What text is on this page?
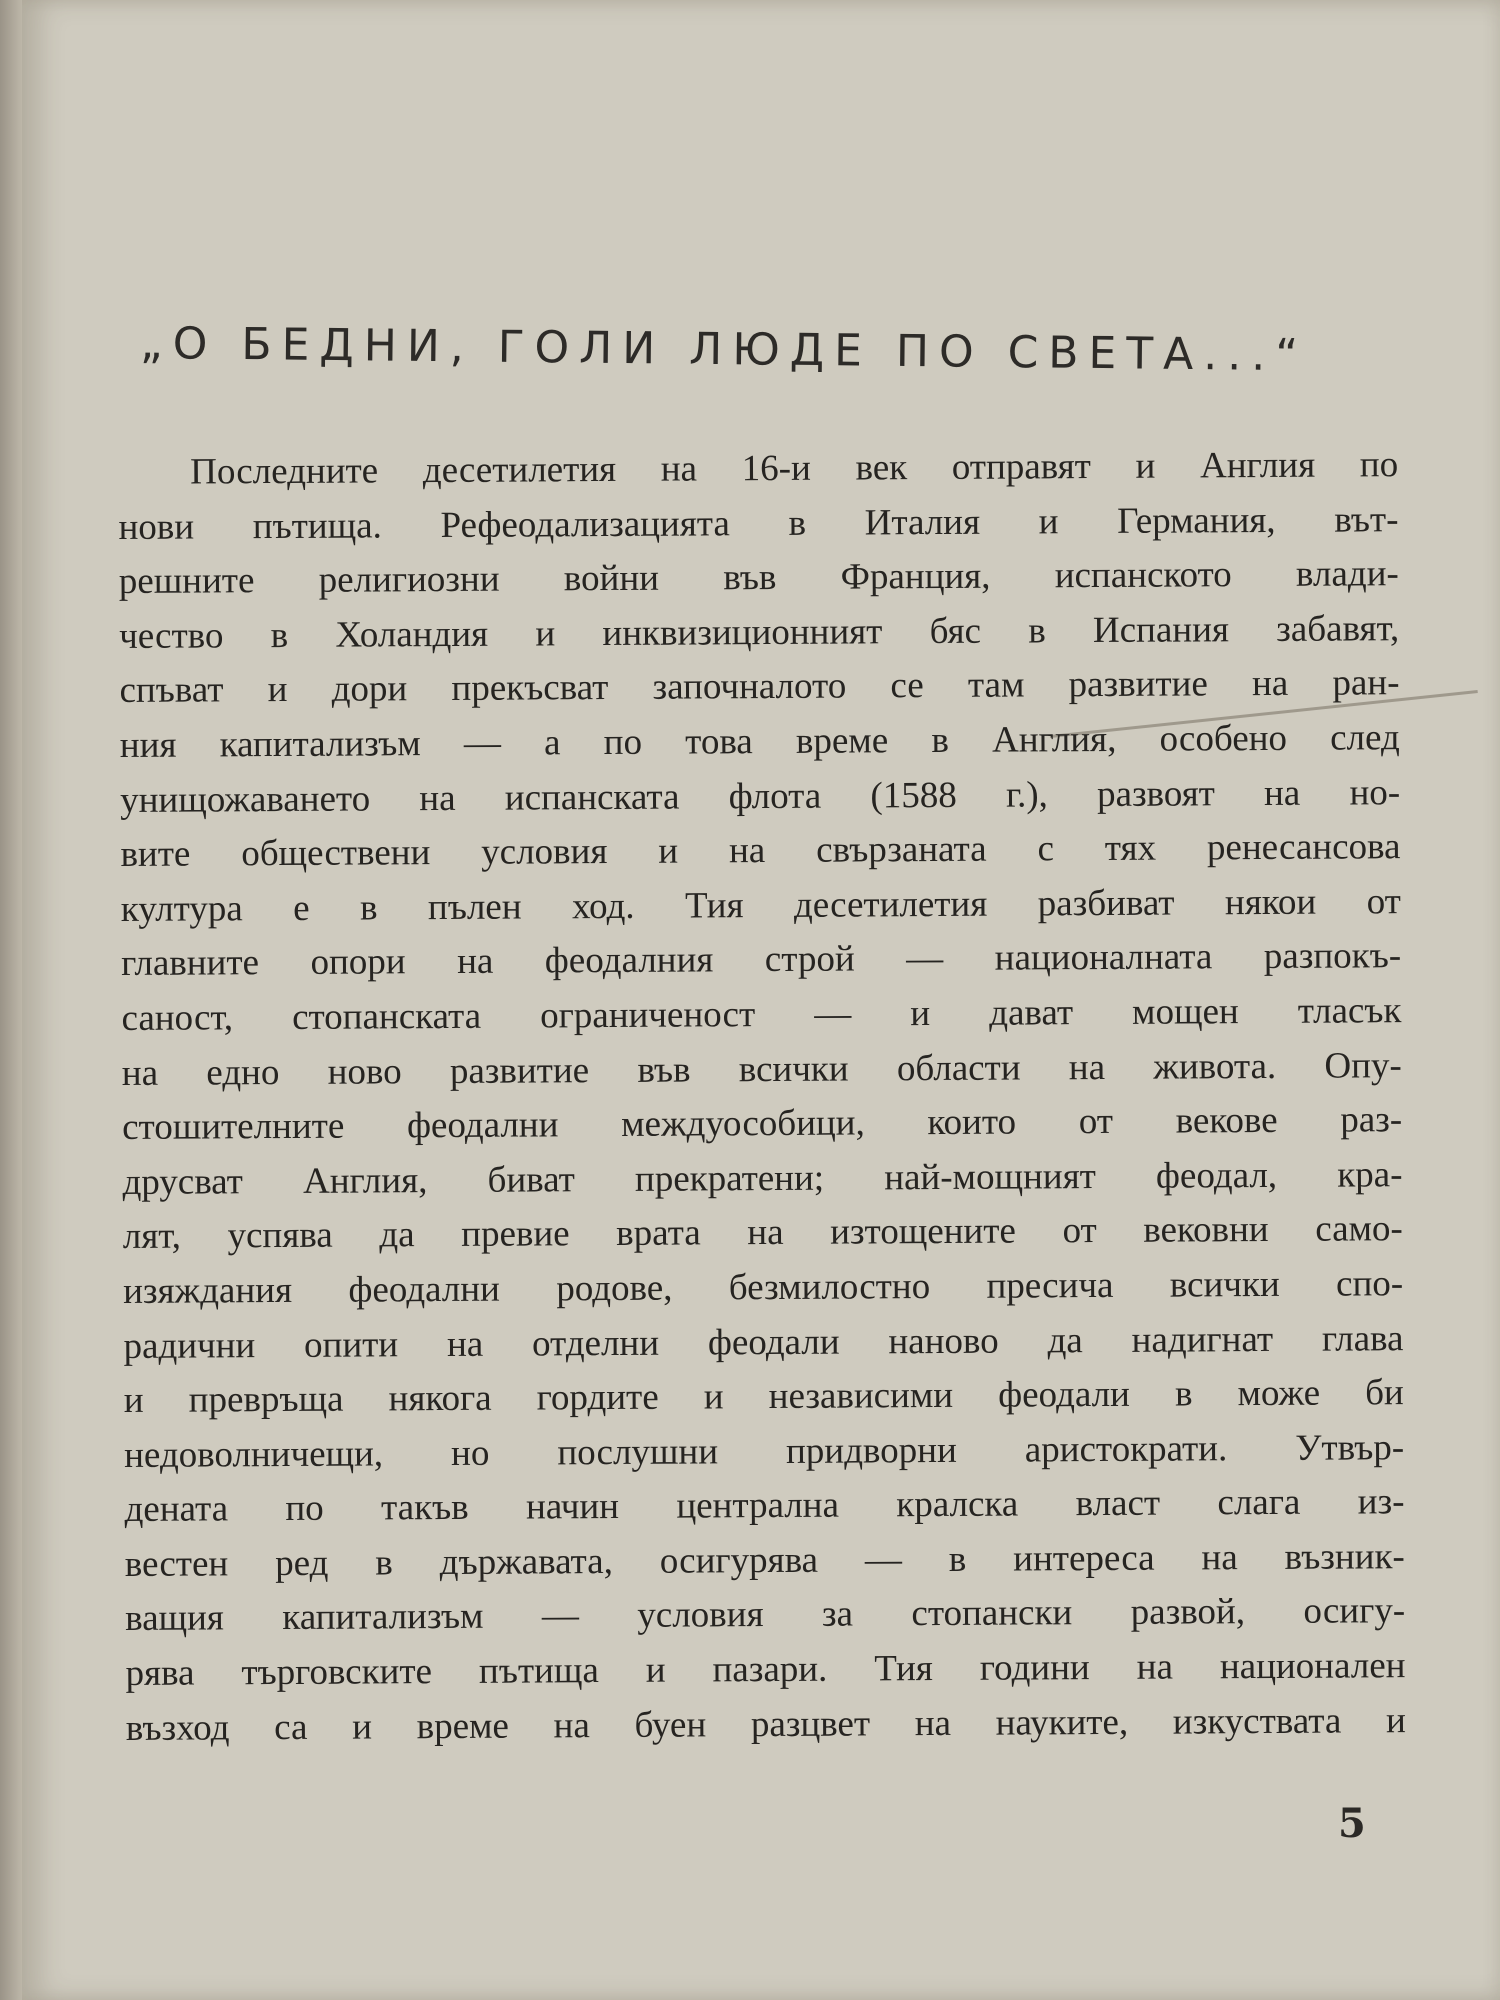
„О БЕДНИ, ГОЛИ ЛЮДЕ ПО СВЕТА...“
Последните десетилетия на 16-и век отправят и Англия по
нови пътища. Рефеодализацията в Италия и Германия, вът-
решните религиозни войни във Франция, испанското влади-
чество в Холандия и инквизиционният бяс в Испания забавят,
спъват и дори прекъсват започналото се там развитие на ран-
ния капитализъм — а по това време в Англия, особено след
унищожаването на испанската флота (1588 г.), развоят на но-
вите обществени условия и на свързаната с тях ренесансова
култура е в пълен ход. Тия десетилетия разбиват някои от
главните опори на феодалния строй — националната разпокъ-
саност, стопанската ограниченост — и дават мощен тласък
на едно ново развитие във всички области на живота. Опу-
стошителните феодални междуособици, които от векове раз-
друсват Англия, биват прекратени; най-мощният феодал, кра-
лят, успява да превие врата на изтощените от вековни само-
изяждания феодални родове, безмилостно пресича всички спо-
радични опити на отделни феодали наново да надигнат глава
и превръща някога гордите и независими феодали в може би
недоволничещи, но послушни придворни аристократи. Утвър-
дената по такъв начин централна кралска власт слага из-
вестен ред в държавата, осигурява — в интереса на възник-
ващия капитализъм — условия за стопански развой, осигу-
рява търговските пътища и пазари. Тия години на национален
възход са и време на буен разцвет на науките, изкуствата и
5
